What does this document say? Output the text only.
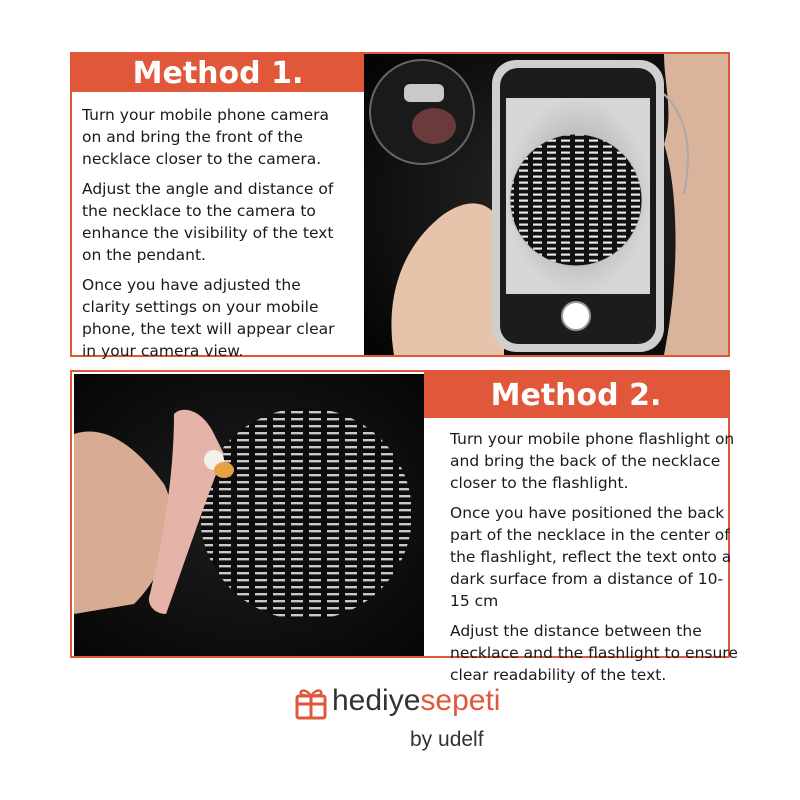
Method 1.

Turn your mobile phone camera on and bring the front of the necklace closer to the camera.

Adjust the angle and distance of the necklace to the camera to enhance the visibility of the text on the pendant.

Once you have adjusted the clarity settings on your mobile phone, the text will appear clear in your camera view.

Method 2.

Turn your mobile phone flashlight on and bring the back of the necklace closer to the flashlight.

Once you have positioned the back part of the necklace in the center of the flashlight, reflect the text onto a dark surface from a distance of 10-15 cm

Adjust the distance between the necklace and the flashlight to ensure clear readability of the text.

hediyesepeti
by udelf
